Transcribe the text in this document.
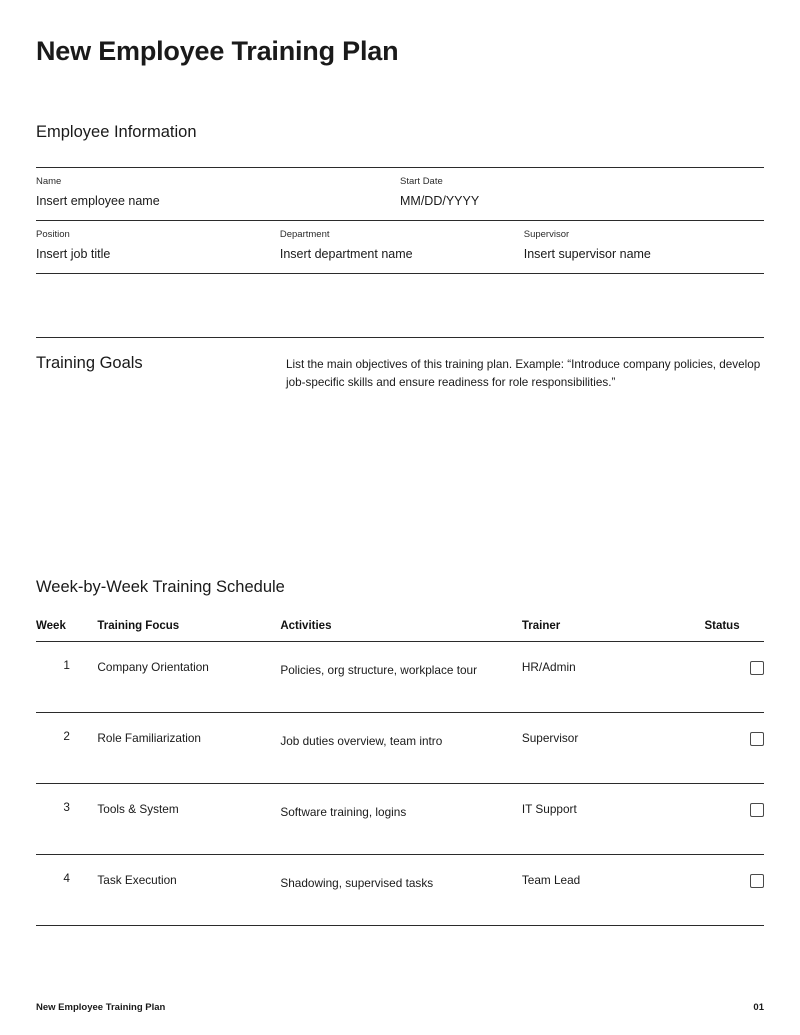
New Employee Training Plan
Employee Information
Name
Insert employee name
Start Date
MM/DD/YYYY
Position
Insert job title
Department
Insert department name
Supervisor
Insert supervisor name
Training Goals	List the main objectives of this training plan. Example: “Introduce company policies, develop job-specific skills and ensure readiness for role responsibilities.”
Week-by-Week Training Schedule
Week	Training Focus	Activities	Trainer	Status
1	Company Orientation	Policies, org structure, workplace tour	HR/Admin	
2	Role Familiarization	Job duties overview, team intro	Supervisor	
3	Tools & System	Software training, logins	IT Support	
4	Task Execution	Shadowing, supervised tasks	Team Lead	
New Employee Training Plan	01
